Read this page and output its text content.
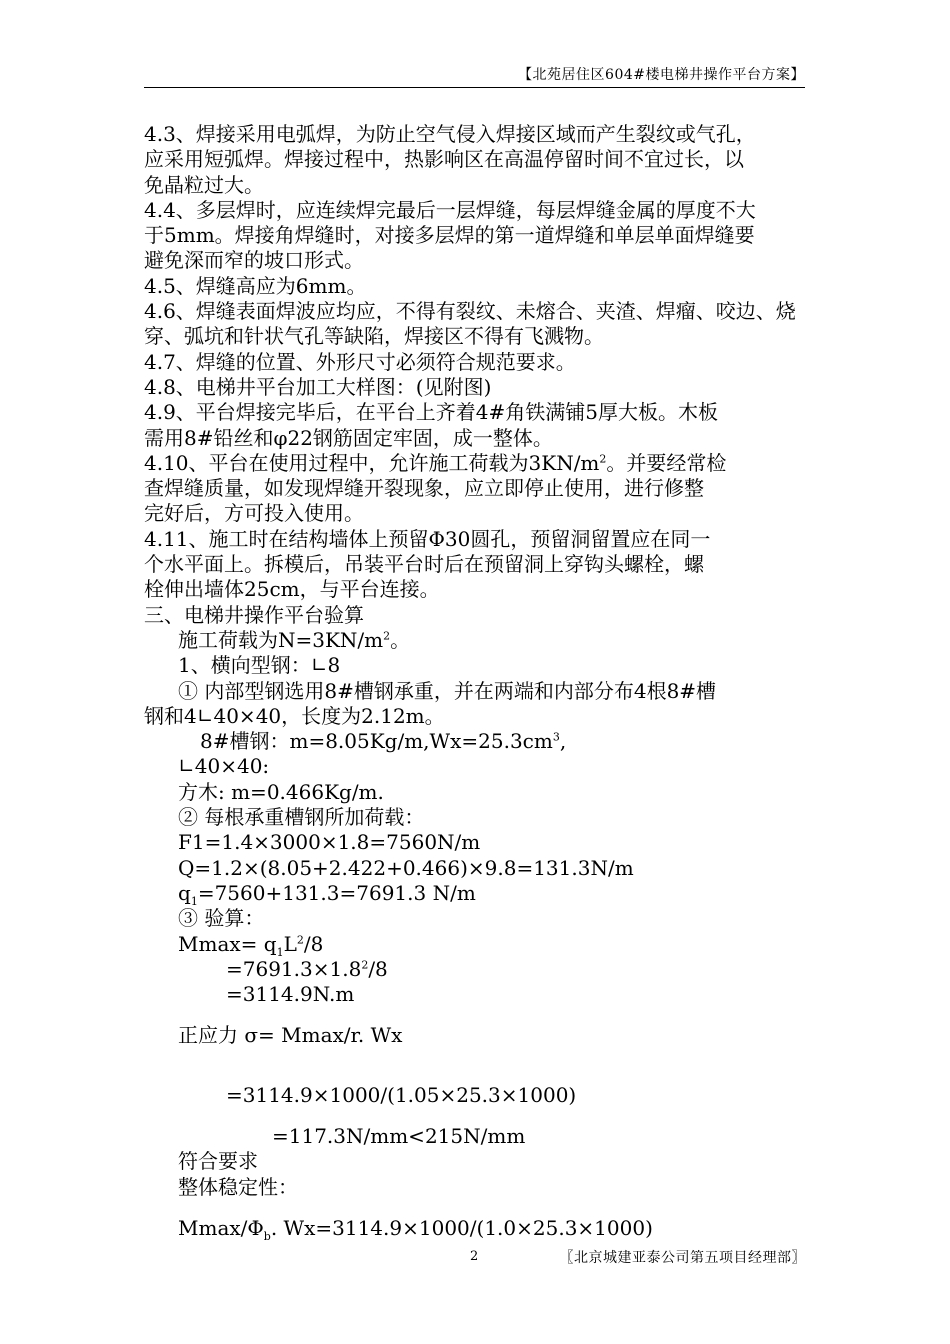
【北苑居住区604#楼电梯井操作平台方案】
4.3、焊接采用电弧焊，为防止空气侵入焊接区域而产生裂纹或气孔，
应采用短弧焊。焊接过程中，热影响区在高温停留时间不宜过长，以
免晶粒过大。
4.4、多层焊时，应连续焊完最后一层焊缝，每层焊缝金属的厚度不大
于5mm。焊接角焊缝时，对接多层焊的第一道焊缝和单层单面焊缝要
避免深而窄的坡口形式。
4.5、焊缝高应为6mm。
4.6、焊缝表面焊波应均应，不得有裂纹、未熔合、夹渣、焊瘤、咬边、烧
穿、弧坑和针状气孔等缺陷，焊接区不得有飞溅物。
4.7、焊缝的位置、外形尺寸必须符合规范要求。
4.8、电梯井平台加工大样图：(见附图)
4.9、平台焊接完毕后，在平台上齐着4#角铁满铺5厚大板。木板
需用8#铅丝和φ22钢筋固定牢固，成一整体。
4.10、平台在使用过程中，允许施工荷载为$3KN/m^2$。并要经常检
查焊缝质量，如发现焊缝开裂现象，应立即停止使用，进行修整
完好后，方可投入使用。
4.11、施工时在结构墙体上预留Φ30圆孔，预留洞留置应在同一
个水平面上。拆模后，吊装平台时后在预留洞上穿钩头螺栓，螺
栓伸出墙体25cm，与平台连接。
三、电梯井操作平台验算
施工荷载为$N=3KN/m^2$。
1、横向型钢：∟8
① 内部型钢选用8#槽钢承重，并在两端和内部分布4根8#槽
钢和4∟40×40，长度为2.12m。
8#槽钢：$m=8.05Kg/m,Wx=25.3cm^3$,
∟40×40:
方木: m=0.466Kg/m.
② 每根承重槽钢所加荷载：
F1=1.4×3000×1.8=7560N/m
Q=1.2×(8.05+2.422+0.466)×9.8=131.3N/m
$q_1=7560+131.3=7691.3$ N/m
③ 验算：
$Mmax= q_1L^2/8$
$=7691.3\times 1.8^2/8$
=3114.9N.m
正应力 σ= Mmax/r. Wx
=3114.9×1000/(1.05×25.3×1000)
=117.3N/mm<215N/mm
符合要求
整体稳定性：
Mmax/$\Phi_b$. Wx=3114.9×1000/(1.0×25.3×1000)
2	〖北京城建亚泰公司第五项目经理部〗
